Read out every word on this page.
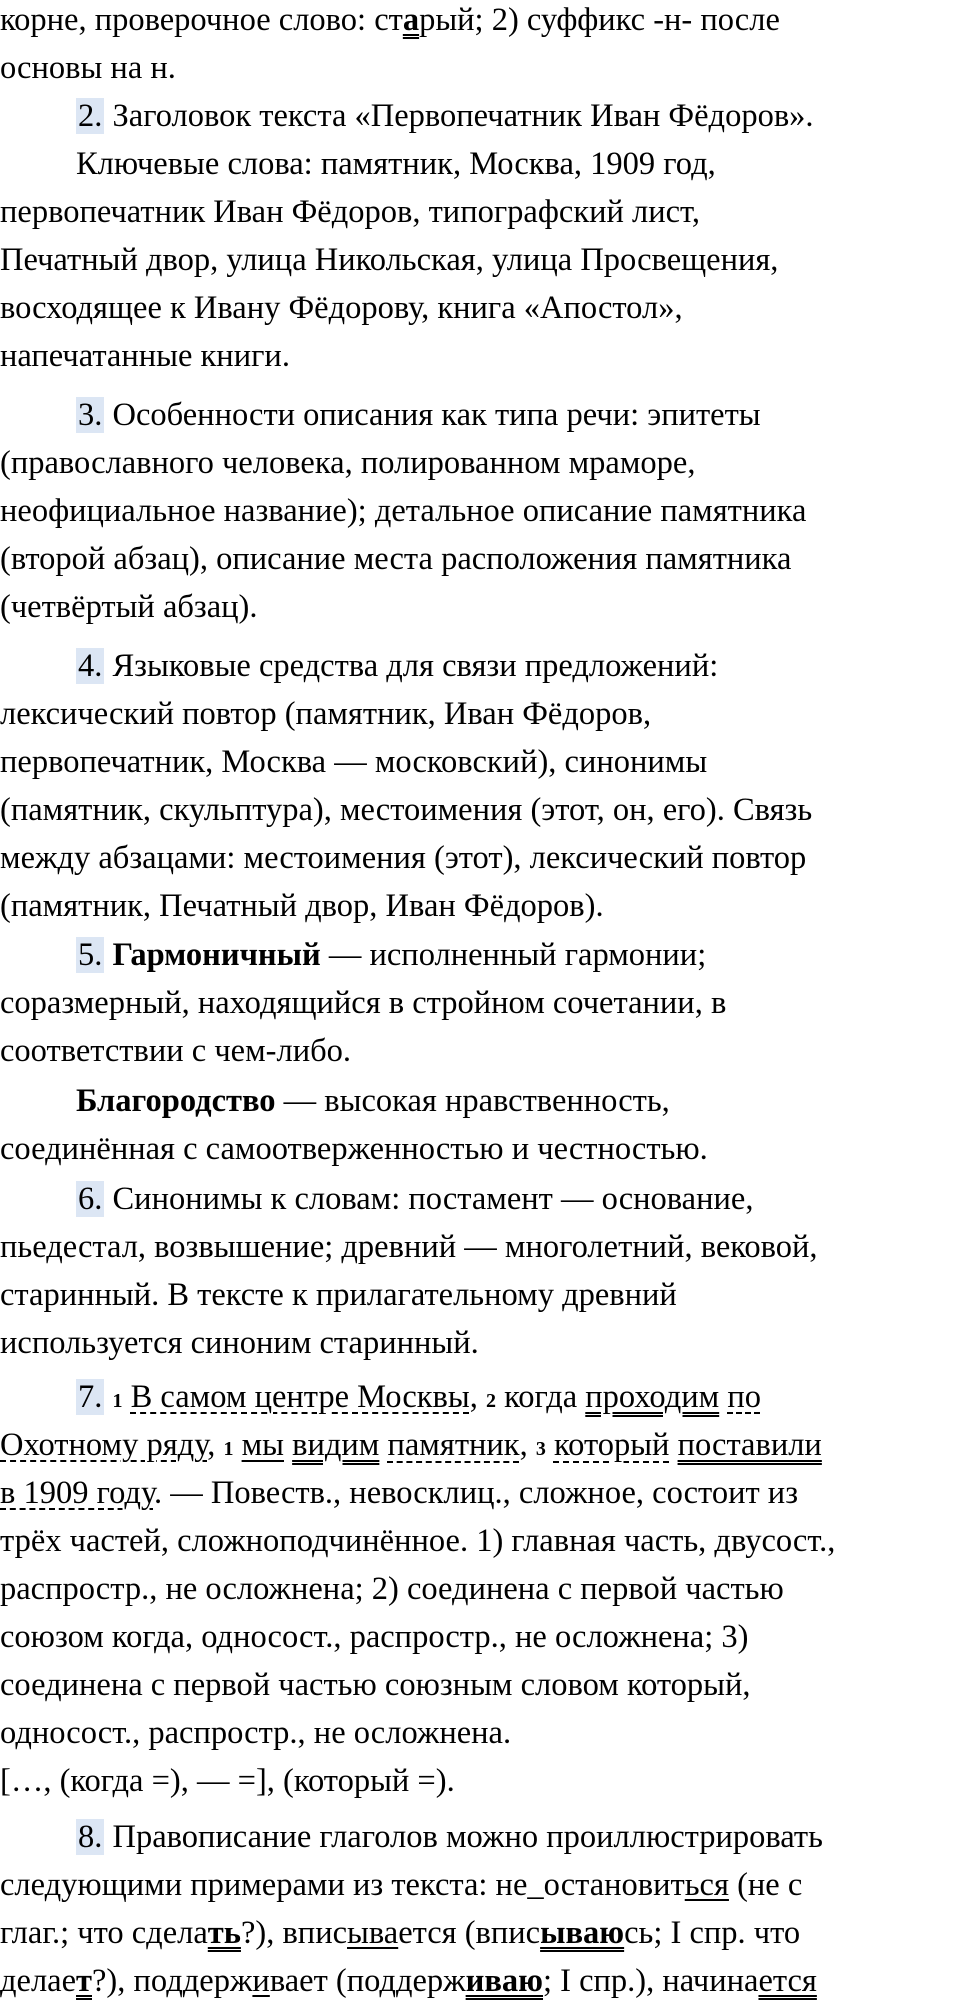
корне, проверочное слово: старый; 2) суффикс -н- после
основы на н.
2. Заголовок текста «Первопечатник Иван Фёдоров».
Ключевые слова: памятник, Москва, 1909 год,
первопечатник Иван Фёдоров, типографский лист,
Печатный двор, улица Никольская, улица Просвещения,
восходящее к Ивану Фёдорову, книга «Апостол»,
напечатанные книги.
3. Особенности описания как типа речи: эпитеты
(православного человека, полированном мраморе,
неофициальное название); детальное описание памятника
(второй абзац), описание места расположения памятника
(четвёртый абзац).
4. Языковые средства для связи предложений:
лексический повтор (памятник, Иван Фёдоров,
первопечатник, Москва — московский), синонимы
(памятник, скульптура), местоимения (этот, он, его). Связь
между абзацами: местоимения (этот), лексический повтор
(памятник, Печатный двор, Иван Фёдоров).
5. Гармоничный — исполненный гармонии;
соразмерный, находящийся в стройном сочетании, в
соответствии с чем-либо.
Благородство — высокая нравственность,
соединённая с самоотверженностью и честностью.
6. Синонимы к словам: постамент — основание,
пьедестал, возвышение; древний — многолетний, вековой,
старинный. В тексте к прилагательному древний
используется синоним старинный.
7. 1 В самом центре Москвы, 2 когда проходим по
Охотному ряду, 1 мы видим памятник, 3 который поставили
в 1909 году. — Повеств., невосклиц., сложное, состоит из
трёх частей, сложноподчинённое. 1) главная часть, двусост.,
распростр., не осложнена; 2) соединена с первой частью
союзом когда, односост., распростр., не осложнена; 3)
соединена с первой частью союзным словом который,
односост., распростр., не осложнена.
[…, (когда =), — =], (который =).
8. Правописание глаголов можно проиллюстрировать
следующими примерами из текста: не_остановиться (не с
глаг.; что сделать?), вписывается (вписываюсь; I спр. что
делает?), поддерживает (поддерживаю; I спр.), начинается
